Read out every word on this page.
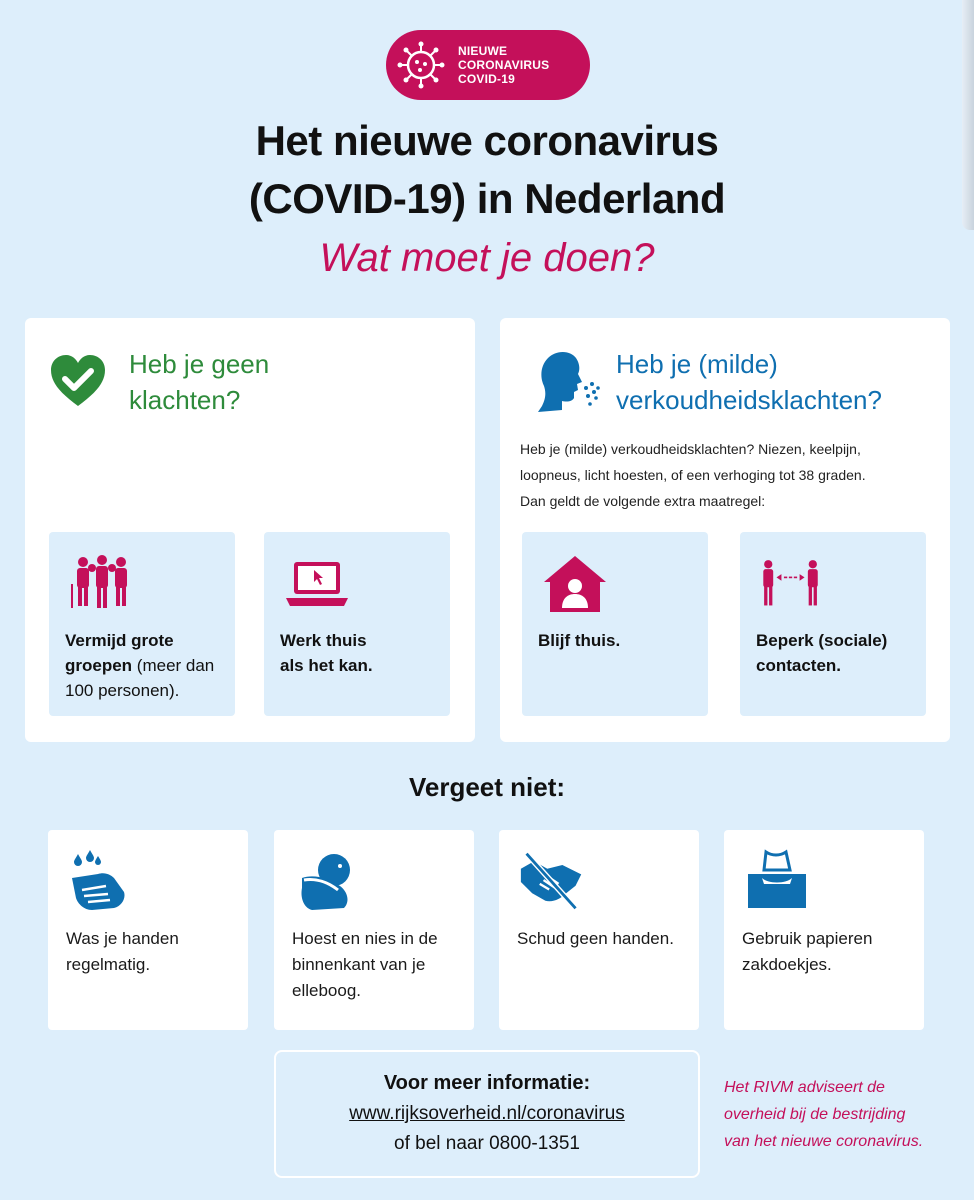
NIEUWE
CORONAVIRUS
COVID-19
Het nieuwe coronavirus
(COVID-19) in Nederland
Wat moet je doen?
Heb je geen
klachten?
Vermijd grote
groepen (meer dan
100 personen).
Werk thuis
als het kan.
Heb je (milde)
verkoudheidsklachten?
Heb je (milde) verkoudheidsklachten? Niezen, keelpijn,
loopneus, licht hoesten, of een verhoging tot 38 graden.
Dan geldt de volgende extra maatregel:
Blijf thuis.	Beperk (sociale)
contacten.
Vergeet niet:
Was je handen
regelmatig.
Hoest en nies in de
binnenkant van je
elleboog.
Schud geen handen.	Gebruik papieren
zakdoekjes.
Voor meer informatie:
www.rijksoverheid.nl/coronavirus
of bel naar 0800-1351
Het RIVM adviseert de
overheid bij de bestrijding
van het nieuwe coronavirus.
